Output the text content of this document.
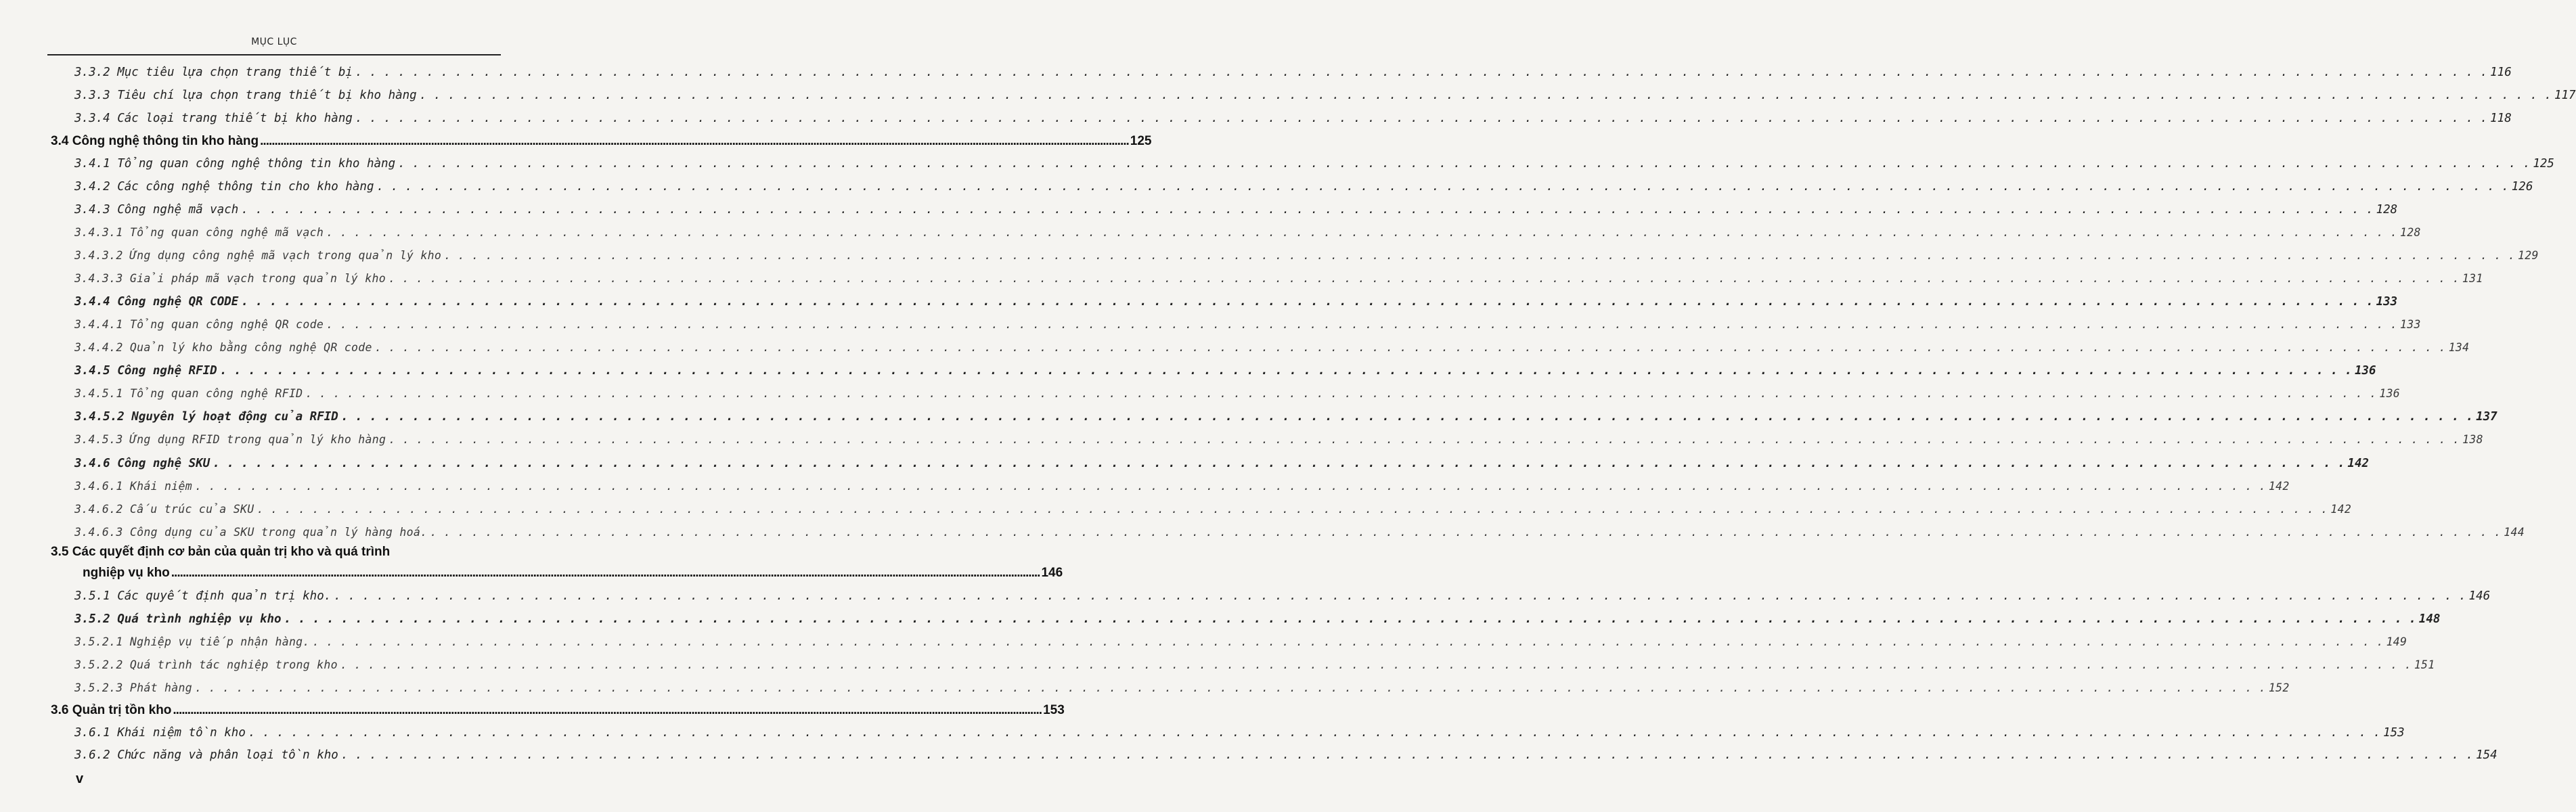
MỤC LỤC
3.3.2 Mục tiêu lựa chọn trang thiết bị . . . . . . . . . . . . . . . . . . . . . . . . . . . . . . . . . . . . . . . . . . . . . . . . . . . . . . . . . . . . . . . . . . . . . . . . . . . . . . . . . . . . . . . . . . . . . . . . . . . . . . . . . . . . . . . . . . . . . . . . . . . . . . . . . . . . . . . . . . . . . . . . . . . . . . 116
3.3.3 Tiêu chí lựa chọn trang thiết bị kho hàng . . . . . . . . . . . . . . . . . . . . . . . . . . . . . . . . . . . . . . . . . . . . . . . . . . . . . . . . . . . . . . . . . . . . . . . . . . . . . . . . . . . . . . . . . . . . . . . . . . . . . . . . . . . . . . . . . . . . . . . . . . . . . . . . . . . . . . . . . . . . . . . . . . . . . . 117
3.3.4 Các loại trang thiết bị kho hàng . . . . . . . . . . . . . . . . . . . . . . . . . . . . . . . . . . . . . . . . . . . . . . . . . . . . . . . . . . . . . . . . . . . . . . . . . . . . . . . . . . . . . . . . . . . . . . . . . . . . . . . . . . . . . . . . . . . . . . . . . . . . . . . . . . . . . . . . . . . . . . . . . . . . . . 118
3.4 Công nghệ thông tin kho hàng ............................................................................................................................................................................................................................................................................................................ 125
3.4.1 Tổng quan công nghệ thông tin kho hàng . . . . . . . . . . . . . . . . . . . . . . . . . . . . . . . . . . . . . . . . . . . . . . . . . . . . . . . . . . . . . . . . . . . . . . . . . . . . . . . . . . . . . . . . . . . . . . . . . . . . . . . . . . . . . . . . . . . . . . . . . . . . . . . . . . . . . . . . . . . . . . . . . . . . . . 125
3.4.2 Các công nghệ thông tin cho kho hàng . . . . . . . . . . . . . . . . . . . . . . . . . . . . . . . . . . . . . . . . . . . . . . . . . . . . . . . . . . . . . . . . . . . . . . . . . . . . . . . . . . . . . . . . . . . . . . . . . . . . . . . . . . . . . . . . . . . . . . . . . . . . . . . . . . . . . . . . . . . . . . . . . . . . . . 126
3.4.3 Công nghệ mã vạch . . . . . . . . . . . . . . . . . . . . . . . . . . . . . . . . . . . . . . . . . . . . . . . . . . . . . . . . . . . . . . . . . . . . . . . . . . . . . . . . . . . . . . . . . . . . . . . . . . . . . . . . . . . . . . . . . . . . . . . . . . . . . . . . . . . . . . . . . . . . . . . . . . . . . . 128
3.4.3.1 Tổng quan công nghệ mã vạch . . . . . . . . . . . . . . . . . . . . . . . . . . . . . . . . . . . . . . . . . . . . . . . . . . . . . . . . . . . . . . . . . . . . . . . . . . . . . . . . . . . . . . . . . . . . . . . . . . . . . . . . . . . . . . . . . . . . . . . . . . . . . . . . . . . . . . . . . . . . . . . . . . . . . . 128
3.4.3.2 Ứng dụng công nghệ mã vạch trong quản lý kho . . . . . . . . . . . . . . . . . . . . . . . . . . . . . . . . . . . . . . . . . . . . . . . . . . . . . . . . . . . . . . . . . . . . . . . . . . . . . . . . . . . . . . . . . . . . . . . . . . . . . . . . . . . . . . . . . . . . . . . . . . . . . . . . . . . . . . . . . . . . . . . . . . . . . . 129
3.4.3.3 Giải pháp mã vạch trong quản lý kho . . . . . . . . . . . . . . . . . . . . . . . . . . . . . . . . . . . . . . . . . . . . . . . . . . . . . . . . . . . . . . . . . . . . . . . . . . . . . . . . . . . . . . . . . . . . . . . . . . . . . . . . . . . . . . . . . . . . . . . . . . . . . . . . . . . . . . . . . . . . . . . . . . . . . . 131
3.4.4 Công nghệ QR CODE . . . . . . . . . . . . . . . . . . . . . . . . . . . . . . . . . . . . . . . . . . . . . . . . . . . . . . . . . . . . . . . . . . . . . . . . . . . . . . . . . . . . . . . . . . . . . . . . . . . . . . . . . . . . . . . . . . . . . . . . . . . . . . . . . . . . . . . . . . . . . . . . . . . . . . 133
3.4.4.1 Tổng quan công nghệ QR code . . . . . . . . . . . . . . . . . . . . . . . . . . . . . . . . . . . . . . . . . . . . . . . . . . . . . . . . . . . . . . . . . . . . . . . . . . . . . . . . . . . . . . . . . . . . . . . . . . . . . . . . . . . . . . . . . . . . . . . . . . . . . . . . . . . . . . . . . . . . . . . . . . . . . . 133
3.4.4.2 Quản lý kho bằng công nghệ QR code . . . . . . . . . . . . . . . . . . . . . . . . . . . . . . . . . . . . . . . . . . . . . . . . . . . . . . . . . . . . . . . . . . . . . . . . . . . . . . . . . . . . . . . . . . . . . . . . . . . . . . . . . . . . . . . . . . . . . . . . . . . . . . . . . . . . . . . . . . . . . . . . . . . . . . 134
3.4.5 Công nghệ RFID . . . . . . . . . . . . . . . . . . . . . . . . . . . . . . . . . . . . . . . . . . . . . . . . . . . . . . . . . . . . . . . . . . . . . . . . . . . . . . . . . . . . . . . . . . . . . . . . . . . . . . . . . . . . . . . . . . . . . . . . . . . . . . . . . . . . . . . . . . . . . . . . . . . . . . 136
3.4.5.1 Tổng quan công nghệ RFID . . . . . . . . . . . . . . . . . . . . . . . . . . . . . . . . . . . . . . . . . . . . . . . . . . . . . . . . . . . . . . . . . . . . . . . . . . . . . . . . . . . . . . . . . . . . . . . . . . . . . . . . . . . . . . . . . . . . . . . . . . . . . . . . . . . . . . . . . . . . . . . . . . . . . . 136
3.4.5.2 Nguyên lý hoạt động của RFID . . . . . . . . . . . . . . . . . . . . . . . . . . . . . . . . . . . . . . . . . . . . . . . . . . . . . . . . . . . . . . . . . . . . . . . . . . . . . . . . . . . . . . . . . . . . . . . . . . . . . . . . . . . . . . . . . . . . . . . . . . . . . . . . . . . . . . . . . . . . . . . . . . . . . . 137
3.4.5.3 Ứng dụng RFID trong quản lý kho hàng . . . . . . . . . . . . . . . . . . . . . . . . . . . . . . . . . . . . . . . . . . . . . . . . . . . . . . . . . . . . . . . . . . . . . . . . . . . . . . . . . . . . . . . . . . . . . . . . . . . . . . . . . . . . . . . . . . . . . . . . . . . . . . . . . . . . . . . . . . . . . . . . . . . . . . 138
3.4.6 Công nghệ SKU . . . . . . . . . . . . . . . . . . . . . . . . . . . . . . . . . . . . . . . . . . . . . . . . . . . . . . . . . . . . . . . . . . . . . . . . . . . . . . . . . . . . . . . . . . . . . . . . . . . . . . . . . . . . . . . . . . . . . . . . . . . . . . . . . . . . . . . . . . . . . . . . . . . . . . 142
3.4.6.1 Khái niệm . . . . . . . . . . . . . . . . . . . . . . . . . . . . . . . . . . . . . . . . . . . . . . . . . . . . . . . . . . . . . . . . . . . . . . . . . . . . . . . . . . . . . . . . . . . . . . . . . . . . . . . . . . . . . . . . . . . . . . . . . . . . . . . . . . . . . . . . . . . . . . . . . . . . . . 142
3.4.6.2 Cấu trúc của SKU . . . . . . . . . . . . . . . . . . . . . . . . . . . . . . . . . . . . . . . . . . . . . . . . . . . . . . . . . . . . . . . . . . . . . . . . . . . . . . . . . . . . . . . . . . . . . . . . . . . . . . . . . . . . . . . . . . . . . . . . . . . . . . . . . . . . . . . . . . . . . . . . . . . . . . 142
3.4.6.3 Công dụng của SKU trong quản lý hàng hoá. . . . . . . . . . . . . . . . . . . . . . . . . . . . . . . . . . . . . . . . . . . . . . . . . . . . . . . . . . . . . . . . . . . . . . . . . . . . . . . . . . . . . . . . . . . . . . . . . . . . . . . . . . . . . . . . . . . . . . . . . . . . . . . . . . . . . . . . . . . . . . . . . . . . . . . 144
3.5 Các quyết định cơ bản của quản trị kho và quá trình
nghiệp vụ kho ............................................................................................................................................................................................................................................................................................................ 146
3.5.1 Các quyết định quản trị kho. . . . . . . . . . . . . . . . . . . . . . . . . . . . . . . . . . . . . . . . . . . . . . . . . . . . . . . . . . . . . . . . . . . . . . . . . . . . . . . . . . . . . . . . . . . . . . . . . . . . . . . . . . . . . . . . . . . . . . . . . . . . . . . . . . . . . . . . . . . . . . . . . . . . . . . 146
3.5.2 Quá trình nghiệp vụ kho . . . . . . . . . . . . . . . . . . . . . . . . . . . . . . . . . . . . . . . . . . . . . . . . . . . . . . . . . . . . . . . . . . . . . . . . . . . . . . . . . . . . . . . . . . . . . . . . . . . . . . . . . . . . . . . . . . . . . . . . . . . . . . . . . . . . . . . . . . . . . . . . . . . . . . 148
3.5.2.1 Nghiệp vụ tiếp nhận hàng. . . . . . . . . . . . . . . . . . . . . . . . . . . . . . . . . . . . . . . . . . . . . . . . . . . . . . . . . . . . . . . . . . . . . . . . . . . . . . . . . . . . . . . . . . . . . . . . . . . . . . . . . . . . . . . . . . . . . . . . . . . . . . . . . . . . . . . . . . . . . . . . . . . . . . . 149
3.5.2.2 Quá trình tác nghiệp trong kho . . . . . . . . . . . . . . . . . . . . . . . . . . . . . . . . . . . . . . . . . . . . . . . . . . . . . . . . . . . . . . . . . . . . . . . . . . . . . . . . . . . . . . . . . . . . . . . . . . . . . . . . . . . . . . . . . . . . . . . . . . . . . . . . . . . . . . . . . . . . . . . . . . . . . . 151
3.5.2.3 Phát hàng . . . . . . . . . . . . . . . . . . . . . . . . . . . . . . . . . . . . . . . . . . . . . . . . . . . . . . . . . . . . . . . . . . . . . . . . . . . . . . . . . . . . . . . . . . . . . . . . . . . . . . . . . . . . . . . . . . . . . . . . . . . . . . . . . . . . . . . . . . . . . . . . . . . . . . 152
3.6 Quản trị tồn kho ............................................................................................................................................................................................................................................................................................................ 153
3.6.1 Khái niệm tồn kho . . . . . . . . . . . . . . . . . . . . . . . . . . . . . . . . . . . . . . . . . . . . . . . . . . . . . . . . . . . . . . . . . . . . . . . . . . . . . . . . . . . . . . . . . . . . . . . . . . . . . . . . . . . . . . . . . . . . . . . . . . . . . . . . . . . . . . . . . . . . . . . . . . . . . . 153
3.6.2 Chức năng và phân loại tồn kho . . . . . . . . . . . . . . . . . . . . . . . . . . . . . . . . . . . . . . . . . . . . . . . . . . . . . . . . . . . . . . . . . . . . . . . . . . . . . . . . . . . . . . . . . . . . . . . . . . . . . . . . . . . . . . . . . . . . . . . . . . . . . . . . . . . . . . . . . . . . . . . . . . . . . . 154
v
